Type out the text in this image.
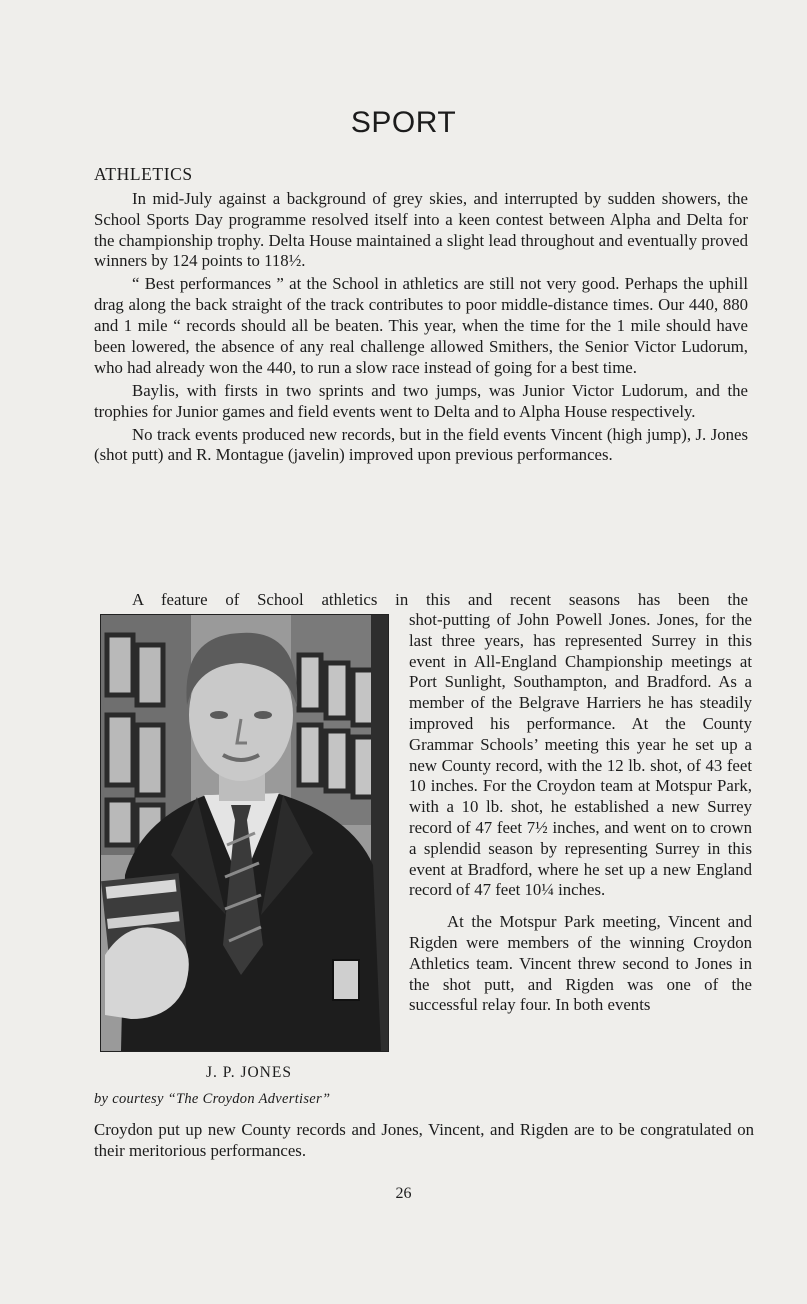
SPORT
ATHLETICS

In mid-July against a background of grey skies, and interrupted by sudden showers, the School Sports Day programme resolved itself into a keen contest between Alpha and Delta for the championship trophy. Delta House maintained a slight lead throughout and eventually proved winners by 124 points to 118½.

“ Best performances ” at the School in athletics are still not very good. Perhaps the uphill drag along the back straight of the track contributes to poor middle-distance times. Our 440, 880 and 1 mile “ records should all be beaten. This year, when the time for the 1 mile should have been lowered, the absence of any real challenge allowed Smithers, the Senior Victor Ludorum, who had already won the 440, to run a slow race instead of going for a best time.

Baylis, with firsts in two sprints and two jumps, was Junior Victor Ludorum, and the trophies for Junior games and field events went to Delta and to Alpha House respectively.

No track events produced new records, but in the field events Vincent (high jump), J. Jones (shot putt) and R. Montague (javelin) improved upon previous performances.

A feature of School athletics in this and recent seasons has been the

shot-putting of John Powell Jones. Jones, for the last three years, has represented Surrey in this event in All-England Championship meetings at Port Sunlight, Southampton, and Bradford. As a member of the Belgrave Harriers he has steadily improved his performance. At the County Grammar Schools’ meeting this year he set up a new County record, with the 12 lb. shot, of 43 feet 10 inches. For the Croydon team at Motspur Park, with a 10 lb. shot, he established a new Surrey record of 47 feet 7½ inches, and went on to crown a splendid season by representing Surrey in this event at Bradford, where he set up a new England record of 47 feet 10¼ inches.

At the Motspur Park meeting, Vincent and Rigden were members of the winning Croydon Athletics team. Vincent threw second to Jones in the shot putt, and Rigden was one of the successful relay four. In both events

J. P. JONES
by courtesy “The Croydon Advertiser”

Croydon put up new County records and Jones, Vincent, and Rigden are to be congratulated on their meritorious performances.

26
